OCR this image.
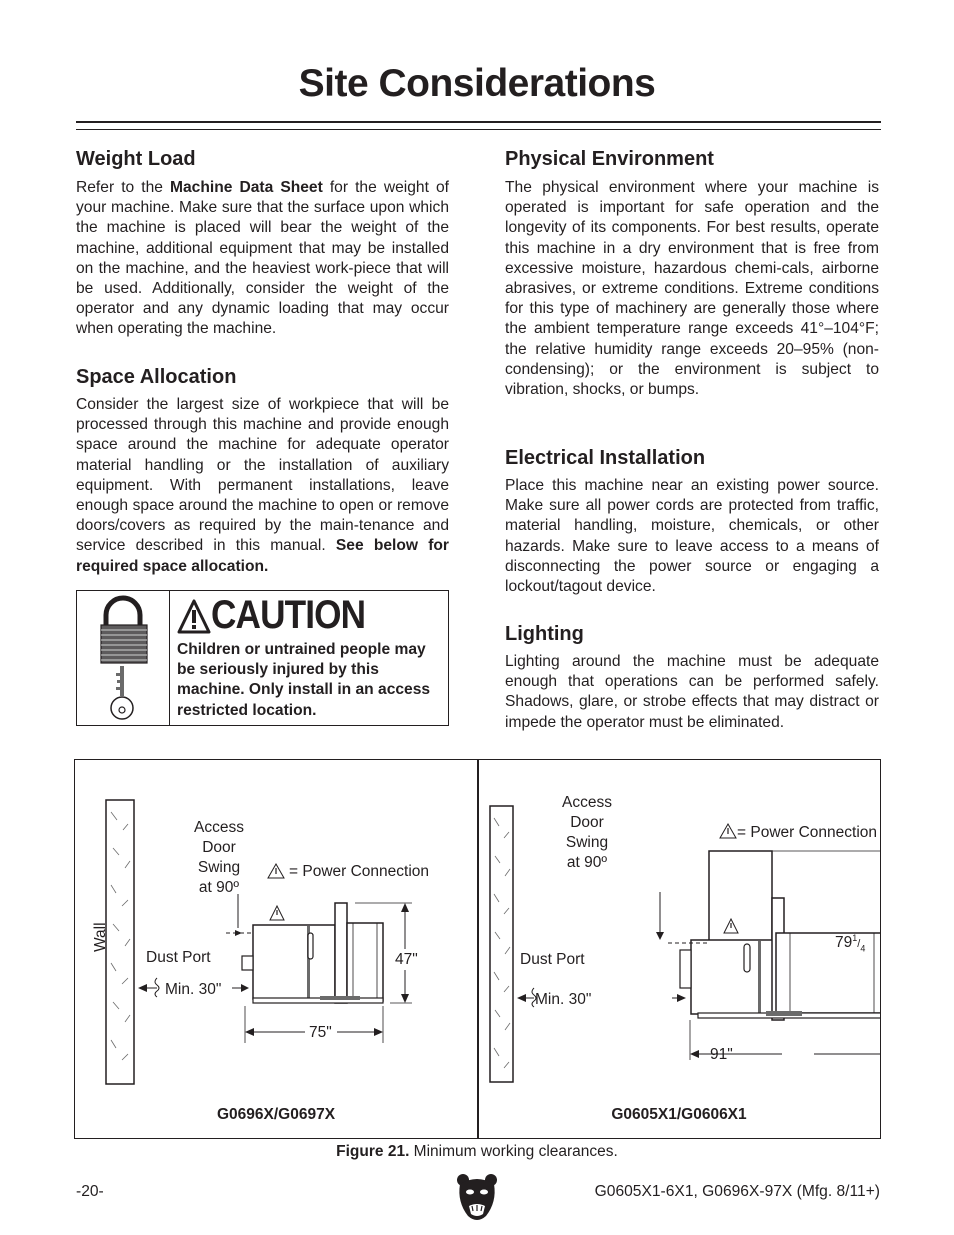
Site Considerations
Weight Load
Refer to the Machine Data Sheet for the weight of your machine. Make sure that the surface upon which the machine is placed will bear the weight of the machine, additional equipment that may be installed on the machine, and the heaviest work-piece that will be used. Additionally, consider the weight of the operator and any dynamic loading that may occur when operating the machine.
Space Allocation
Consider the largest size of workpiece that will be processed through this machine and provide enough space around the machine for adequate operator material handling or the installation of auxiliary equipment. With permanent installations, leave enough space around the machine to open or remove doors/covers as required by the main-tenance and service described in this manual. See below for required space allocation.
CAUTION
Children or untrained people may be seriously injured by this machine. Only install in an access restricted location.
Physical Environment
The physical environment where your machine is operated is important for safe operation and the longevity of its components. For best results, operate this machine in a dry environment that is free from excessive moisture, hazardous chemi-cals, airborne abrasives, or extreme conditions. Extreme conditions for this type of machinery are generally those where the ambient temperature range exceeds 41°–104°F; the relative humidity range exceeds 20–95% (non-condensing); or the environment is subject to vibration, shocks, or bumps.
Electrical Installation
Place this machine near an existing power source. Make sure all power cords are protected from traffic, material handling, moisture, chemicals, or other hazards. Make sure to leave access to a means of disconnecting the power source or engaging a lockout/tagout device.
Lighting
Lighting around the machine must be adequate enough that operations can be performed safely. Shadows, glare, or strobe effects that may distract or impede the operator must be eliminated.
Access
Door
Swing
at 90º
= Power Connection
Wall
Dust Port
Min. 30"
47"
75"
G0696X/G0697X
Access
Door
Swing
at 90º
= Power Connection
Dust Port
Min. 30"
$79^1/_4$
91"
G0605X1/G0606X1
Figure 21. Minimum working clearances.
-20-	G0605X1-6X1, G0696X-97X (Mfg. 8/11+)
